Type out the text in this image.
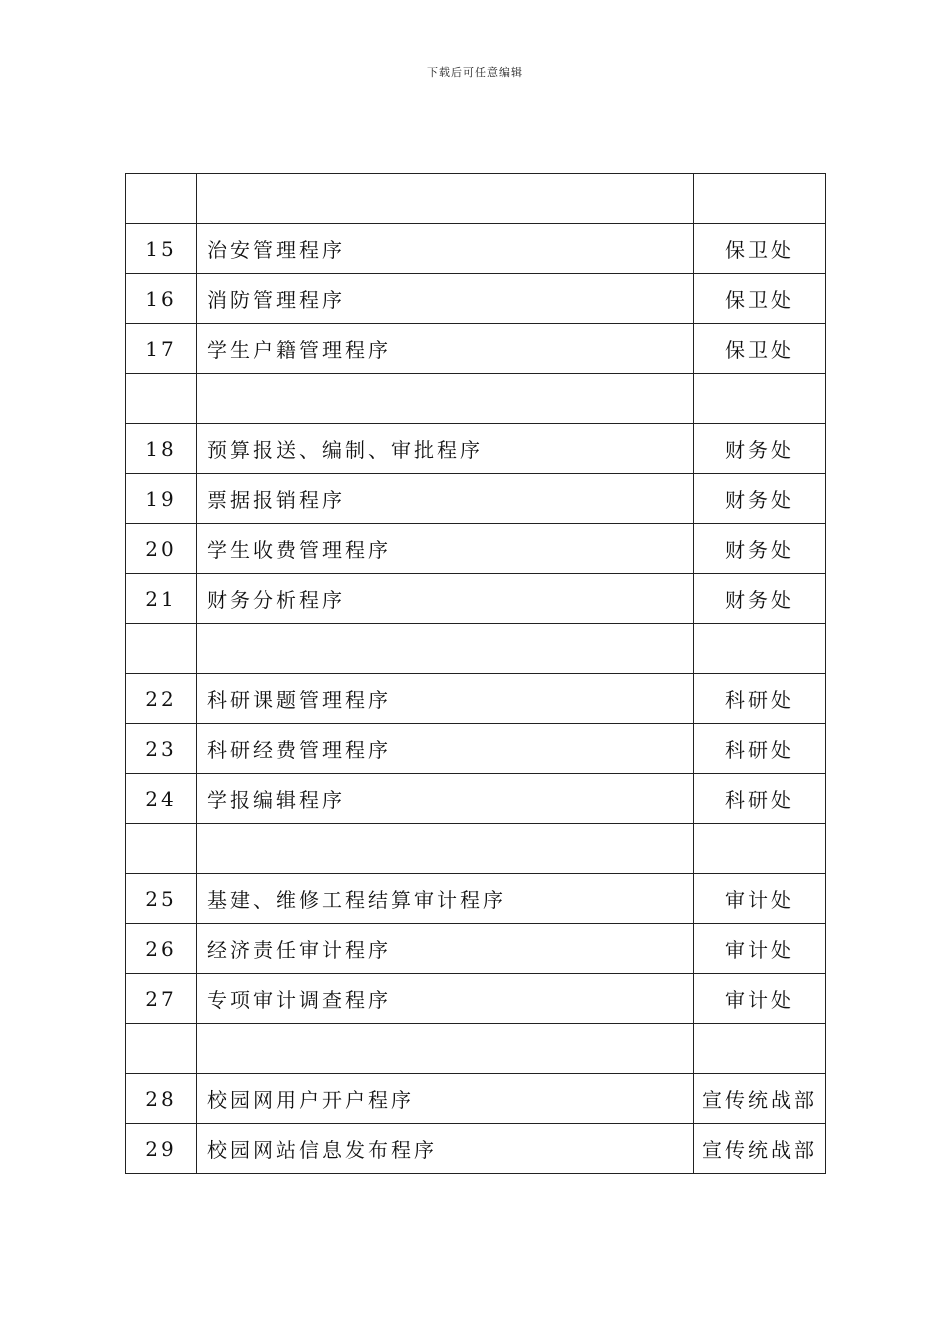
下载后可任意编辑

15	治安管理程序	保卫处
16	消防管理程序	保卫处
17	学生户籍管理程序	保卫处

18	预算报送、编制、审批程序	财务处
19	票据报销程序	财务处
20	学生收费管理程序	财务处
21	财务分析程序	财务处

22	科研课题管理程序	科研处
23	科研经费管理程序	科研处
24	学报编辑程序	科研处

25	基建、维修工程结算审计程序	审计处
26	经济责任审计程序	审计处
27	专项审计调查程序	审计处

28	校园网用户开户程序	宣传统战部
29	校园网站信息发布程序	宣传统战部
